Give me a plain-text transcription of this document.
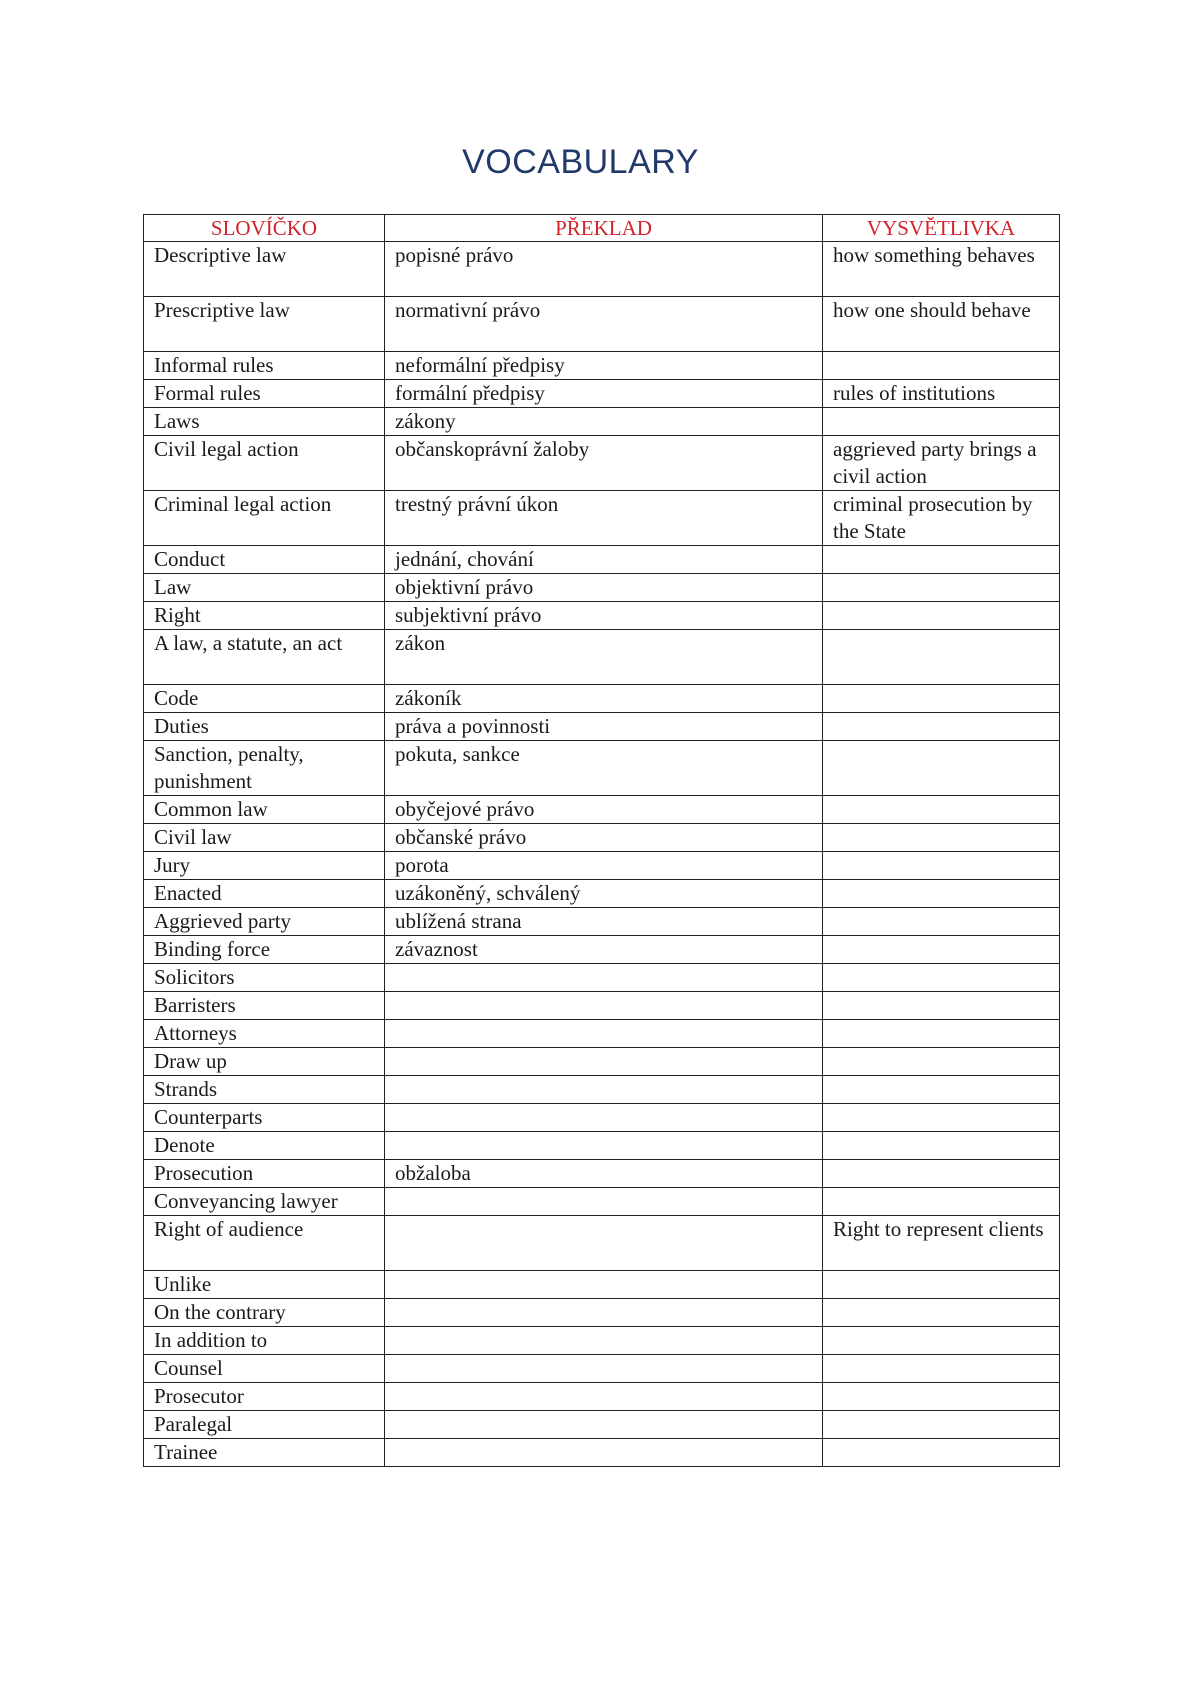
VOCABULARY
SLOVÍČKO	PŘEKLAD	VYSVĚTLIVKA
Descriptive law	popisné právo	how something behaves
Prescriptive law	normativní právo	how one should behave
Informal rules	neformální předpisy	
Formal rules	formální předpisy	rules of institutions
Laws	zákony	
Civil legal action	občanskoprávní žaloby	aggrieved party brings a civil action
Criminal legal action	trestný právní úkon	criminal prosecution by the State
Conduct	jednání, chování	
Law	objektivní právo	
Right	subjektivní právo	
A law, a statute, an act	zákon	
Code	zákoník	
Duties	práva a povinnosti	
Sanction, penalty, punishment	pokuta, sankce	
Common law	obyčejové právo	
Civil law	občanské právo	
Jury	porota	
Enacted	uzákoněný, schválený	
Aggrieved party	ublížená strana	
Binding force	závaznost	
Solicitors		
Barristers		
Attorneys		
Draw up		
Strands		
Counterparts		
Denote		
Prosecution	obžaloba	
Conveyancing lawyer		
Right of audience		Right to represent clients
Unlike		
On the contrary		
In addition to		
Counsel		
Prosecutor		
Paralegal		
Trainee		
